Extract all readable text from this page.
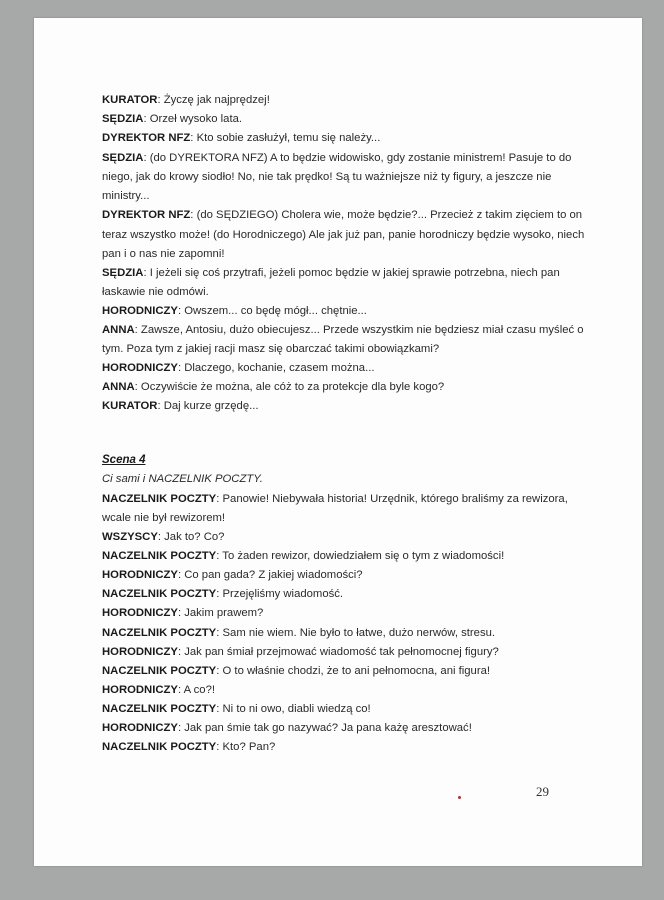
KURATOR: Życzę jak najprędzej!
SĘDZIA: Orzeł wysoko lata.
DYREKTOR NFZ: Kto sobie zasłużył, temu się należy...
SĘDZIA: (do DYREKTORA NFZ) A to będzie widowisko, gdy zostanie ministrem! Pasuje to do
niego, jak do krowy siodło! No, nie tak prędko! Są tu ważniejsze niż ty figury, a jeszcze nie
ministry...
DYREKTOR NFZ: (do SĘDZIEGO) Cholera wie, może będzie?... Przecież z takim zięciem to on
teraz wszystko może! (do Horodniczego) Ale jak już pan, panie horodniczy będzie wysoko, niech
pan i o nas nie zapomni!
SĘDZIA: I jeżeli się coś przytrafi, jeżeli pomoc będzie w jakiej sprawie potrzebna, niech pan
łaskawie nie odmówi.
HORODNICZY: Owszem... co będę mógł... chętnie...
ANNA: Zawsze, Antosiu, dużo obiecujesz... Przede wszystkim nie będziesz miał czasu myśleć o
tym. Poza tym z jakiej racji masz się obarczać takimi obowiązkami?
HORODNICZY: Dlaczego, kochanie, czasem można...
ANNA: Oczywiście że można, ale cóż to za protekcje dla byle kogo?
KURATOR: Daj kurze grzędę...
Scena 4
Ci sami i NACZELNIK POCZTY.
NACZELNIK POCZTY: Panowie! Niebywała historia! Urzędnik, którego braliśmy za rewizora,
wcale nie był rewizorem!
WSZYSCY: Jak to? Co?
NACZELNIK POCZTY: To żaden rewizor, dowiedziałem się o tym z wiadomości!
HORODNICZY: Co pan gada? Z jakiej wiadomości?
NACZELNIK POCZTY: Przejęliśmy wiadomość.
HORODNICZY: Jakim prawem?
NACZELNIK POCZTY: Sam nie wiem. Nie było to łatwe, dużo nerwów, stresu.
HORODNICZY: Jak pan śmiał przejmować wiadomość tak pełnomocnej figury?
NACZELNIK POCZTY: O to właśnie chodzi, że to ani pełnomocna, ani figura!
HORODNICZY: A co?!
NACZELNIK POCZTY: Ni to ni owo, diabli wiedzą co!
HORODNICZY: Jak pan śmie tak go nazywać? Ja pana każę aresztować!
NACZELNIK POCZTY: Kto? Pan?
29
